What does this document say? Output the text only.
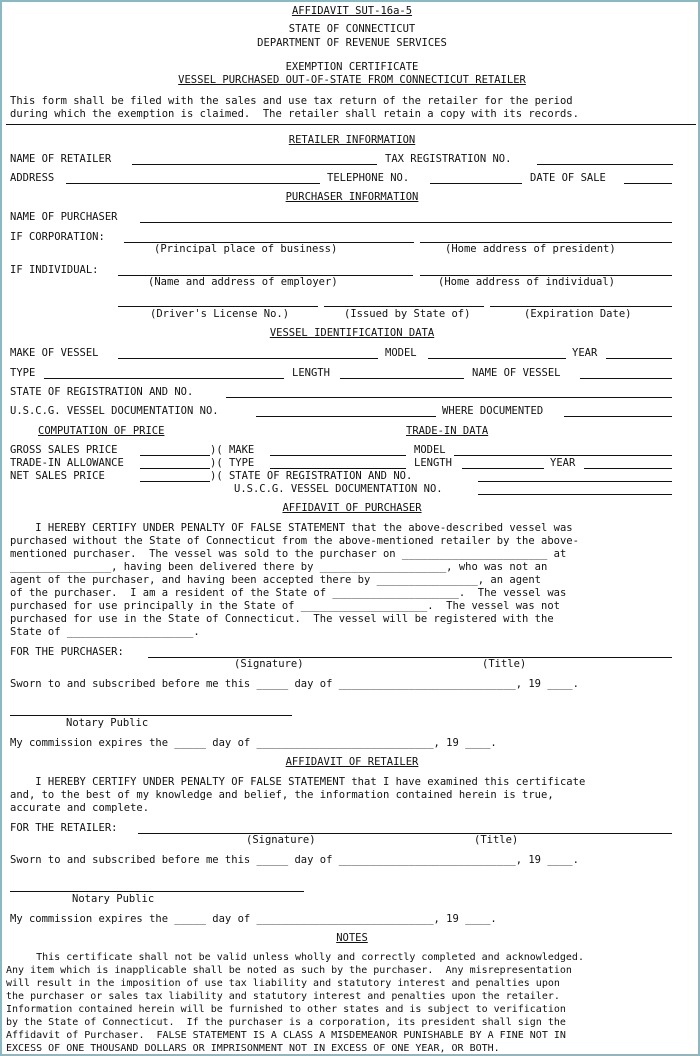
AFFIDAVIT SUT-16a-5
STATE OF CONNECTICUT
DEPARTMENT OF REVENUE SERVICES
EXEMPTION CERTIFICATE
VESSEL PURCHASED OUT-OF-STATE FROM CONNECTICUT RETAILER
This form shall be filed with the sales and use tax return of the retailer for the period
during which the exemption is claimed.  The retailer shall retain a copy with its records.
RETAILER INFORMATION
NAME OF RETAILER	TAX REGISTRATION NO.
ADDRESS	TELEPHONE NO.	DATE OF SALE
PURCHASER INFORMATION
NAME OF PURCHASER
IF CORPORATION:
(Principal place of business)	(Home address of president)
IF INDIVIDUAL:
(Name and address of employer)	(Home address of individual)
(Driver's License No.)	(Issued by State of)	(Expiration Date)
VESSEL IDENTIFICATION DATA
MAKE OF VESSEL	MODEL	YEAR
TYPE	LENGTH	NAME OF VESSEL
STATE OF REGISTRATION AND NO.
U.S.C.G. VESSEL DOCUMENTATION NO.	WHERE DOCUMENTED
COMPUTATION OF PRICE	TRADE-IN DATA
GROSS SALES PRICE	)( MAKE	MODEL
TRADE-IN ALLOWANCE	)( TYPE	LENGTH	YEAR
NET SALES PRICE	)( STATE OF REGISTRATION AND NO.
U.S.C.G. VESSEL DOCUMENTATION NO.
AFFIDAVIT OF PURCHASER
I HEREBY CERTIFY UNDER PENALTY OF FALSE STATEMENT that the above-described vessel was
purchased without the State of Connecticut from the above-mentioned retailer by the above-
mentioned purchaser.  The vessel was sold to the purchaser on _______________________ at
________________, having been delivered there by ____________________, who was not an
agent of the purchaser, and having been accepted there by ________________, an agent
of the purchaser.  I am a resident of the State of ____________________.  The vessel was
purchased for use principally in the State of ____________________.  The vessel was not
purchased for use in the State of Connecticut.  The vessel will be registered with the
State of ____________________.
FOR THE PURCHASER:
(Signature)	(Title)
Sworn to and subscribed before me this _____ day of ____________________________, 19 ____.
Notary Public
My commission expires the _____ day of ____________________________, 19 ____.
AFFIDAVIT OF RETAILER
I HEREBY CERTIFY UNDER PENALTY OF FALSE STATEMENT that I have examined this certificate
and, to the best of my knowledge and belief, the information contained herein is true,
accurate and complete.
FOR THE RETAILER:
(Signature)	(Title)
Sworn to and subscribed before me this _____ day of ____________________________, 19 ____.
Notary Public
My commission expires the _____ day of ____________________________, 19 ____.
NOTES
This certificate shall not be valid unless wholly and correctly completed and acknowledged.
Any item which is inapplicable shall be noted as such by the purchaser.  Any misrepresentation
will result in the imposition of use tax liability and statutory interest and penalties upon
the purchaser or sales tax liability and statutory interest and penalties upon the retailer.
Information contained herein will be furnished to other states and is subject to verification
by the State of Connecticut.  If the purchaser is a corporation, its president shall sign the
Affidavit of Purchaser.  FALSE STATEMENT IS A CLASS A MISDEMEANOR PUNISHABLE BY A FINE NOT IN
EXCESS OF ONE THOUSAND DOLLARS OR IMPRISONMENT NOT IN EXCESS OF ONE YEAR, OR BOTH.
